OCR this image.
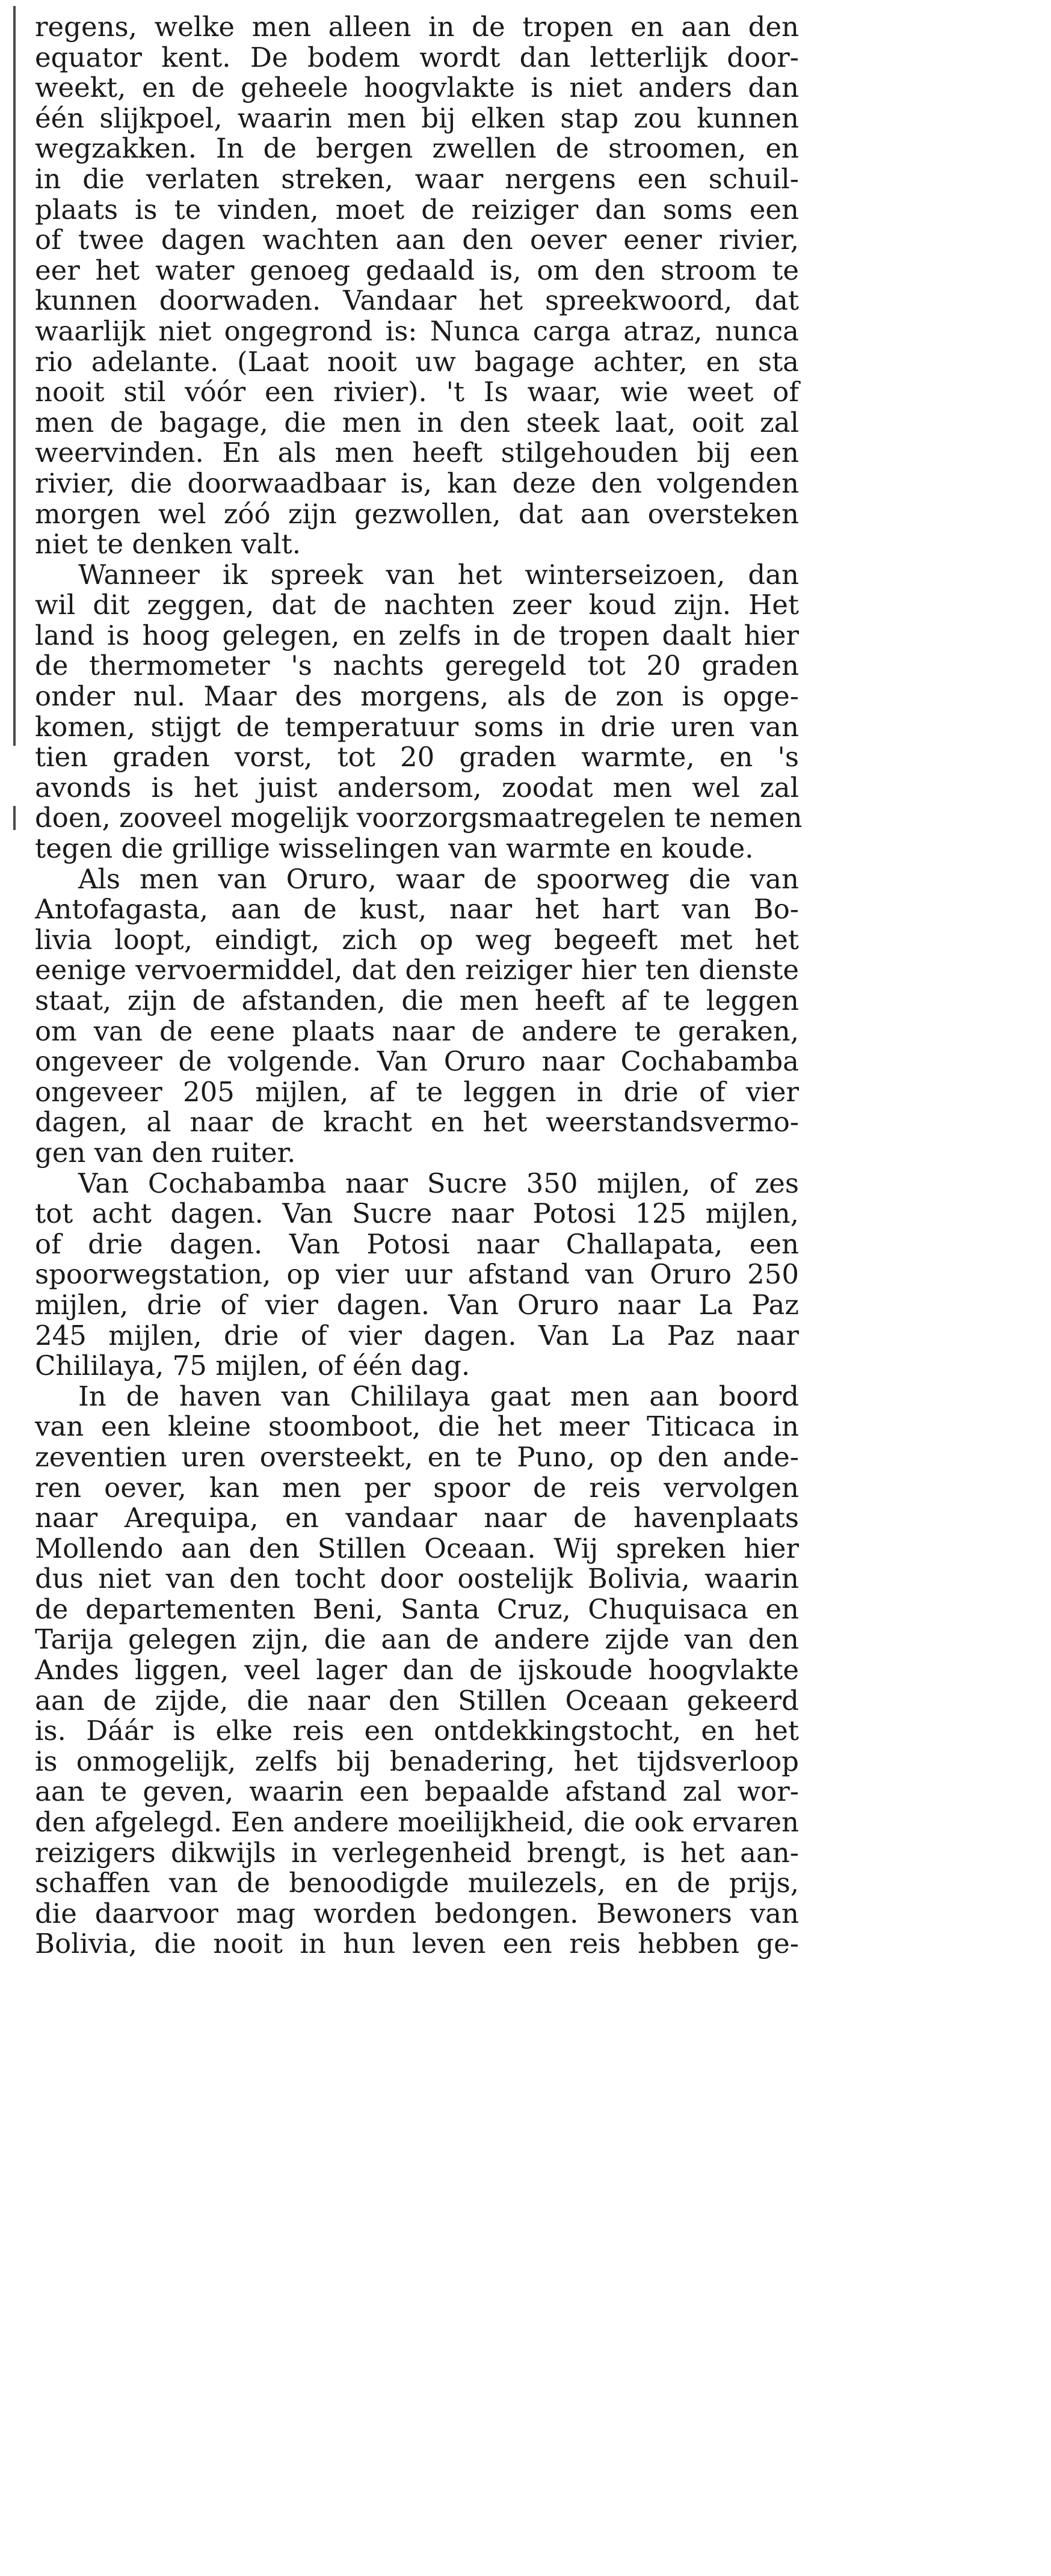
regens, welke men alleen in de tropen en aan den
equator kent. De bodem wordt dan letterlijk door-
weekt, en de geheele hoogvlakte is niet anders dan
één slijkpoel, waarin men bij elken stap zou kunnen
wegzakken. In de bergen zwellen de stroomen, en
in die verlaten streken, waar nergens een schuil-
plaats is te vinden, moet de reiziger dan soms een
of twee dagen wachten aan den oever eener rivier,
eer het water genoeg gedaald is, om den stroom te
kunnen doorwaden. Vandaar het spreekwoord, dat
waarlijk niet ongegrond is: Nunca carga atraz, nunca
rio adelante. (Laat nooit uw bagage achter, en sta
nooit stil vóór een rivier). 't Is waar, wie weet of
men de bagage, die men in den steek laat, ooit zal
weervinden. En als men heeft stilgehouden bij een
rivier, die doorwaadbaar is, kan deze den volgenden
morgen wel zóó zijn gezwollen, dat aan oversteken
niet te denken valt.

Wanneer ik spreek van het winterseizoen, dan
wil dit zeggen, dat de nachten zeer koud zijn. Het
land is hoog gelegen, en zelfs in de tropen daalt hier
de thermometer 's nachts geregeld tot 20 graden
onder nul. Maar des morgens, als de zon is opge-
komen, stijgt de temperatuur soms in drie uren van
tien graden vorst, tot 20 graden warmte, en 's
avonds is het juist andersom, zoodat men wel zal
doen, zooveel mogelijk voorzorgsmaatregelen te nemen
tegen die grillige wisselingen van warmte en koude.

Als men van Oruro, waar de spoorweg die van
Antofagasta, aan de kust, naar het hart van Bo-
livia loopt, eindigt, zich op weg begeeft met het
eenige vervoermiddel, dat den reiziger hier ten dienste
staat, zijn de afstanden, die men heeft af te leggen
om van de eene plaats naar de andere te geraken,
ongeveer de volgende. Van Oruro naar Cochabamba
ongeveer 205 mijlen, af te leggen in drie of vier
dagen, al naar de kracht en het weerstandsvermo-
gen van den ruiter.

Van Cochabamba naar Sucre 350 mijlen, of zes
tot acht dagen. Van Sucre naar Potosi 125 mijlen,
of drie dagen. Van Potosi naar Challapata, een
spoorwegstation, op vier uur afstand van Oruro 250
mijlen, drie of vier dagen. Van Oruro naar La Paz
245 mijlen, drie of vier dagen. Van La Paz naar
Chililaya, 75 mijlen, of één dag.

In de haven van Chililaya gaat men aan boord
van een kleine stoomboot, die het meer Titicaca in
zeventien uren oversteekt, en te Puno, op den ande-
ren oever, kan men per spoor de reis vervolgen
naar Arequipa, en vandaar naar de havenplaats
Mollendo aan den Stillen Oceaan. Wij spreken hier
dus niet van den tocht door oostelijk Bolivia, waarin
de departementen Beni, Santa Cruz, Chuquisaca en
Tarija gelegen zijn, die aan de andere zijde van den
Andes liggen, veel lager dan de ijskoude hoogvlakte
aan de zijde, die naar den Stillen Oceaan gekeerd
is. Dáár is elke reis een ontdekkingstocht, en het
is onmogelijk, zelfs bij benadering, het tijdsverloop
aan te geven, waarin een bepaalde afstand zal wor-
den afgelegd. Een andere moeilijkheid, die ook ervaren
reizigers dikwijls in verlegenheid brengt, is het aan-
schaffen van de benoodigde muilezels, en de prijs,
die daarvoor mag worden bedongen. Bewoners van
Bolivia, die nooit in hun leven een reis hebben ge-
